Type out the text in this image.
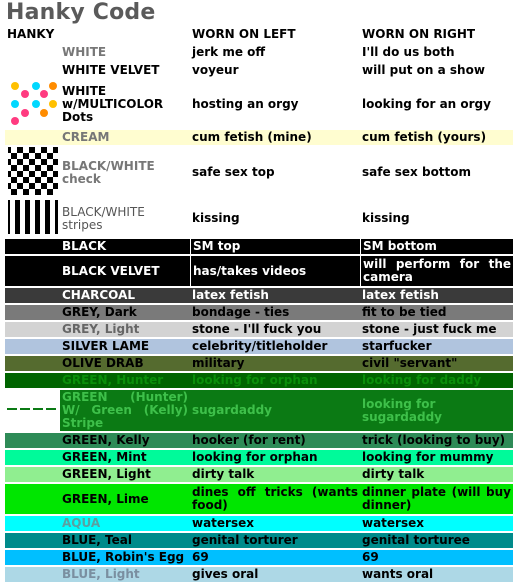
Hanky Code
HANKY		WORN ON LEFT	WORN ON RIGHT
	WHITE	jerk me off	I'll do us both
	WHITE VELVET	voyeur	will put on a show
	WHITE w/MULTICOLOR Dots	hosting an orgy	looking for an orgy
	CREAM	cum fetish (mine)	cum fetish (yours)
	BLACK/WHITE check	safe sex top	safe sex bottom
	BLACK/WHITE stripes	kissing	kissing
	BLACK	SM top	SM bottom
	BLACK VELVET	has/takes videos	will perform for the camera
	CHARCOAL	latex fetish	latex fetish
	GREY, Dark	bondage - ties	fit to be tied
	GREY, Light	stone - I'll fuck you	stone - just fuck me
	SILVER LAME	celebrity/titleholder	starfucker
	OLIVE DRAB	military	civil "servant"
	GREEN, Hunter	looking for orphan	looking for daddy
	GREEN (Hunter) W/ Green (Kelly) Stripe	sugardaddy	looking for sugardaddy
	GREEN, Kelly	hooker (for rent)	trick (looking to buy)
	GREEN, Mint	looking for orphan	looking for mummy
	GREEN, Light	dirty talk	dirty talk
	GREEN, Lime	dines off tricks (wants food)	dinner plate (will buy dinner)
	AQUA	watersex	watersex
	BLUE, Teal	genital torturer	genital torturee
	BLUE, Robin's Egg	69	69
	BLUE, Light	gives oral	wants oral
